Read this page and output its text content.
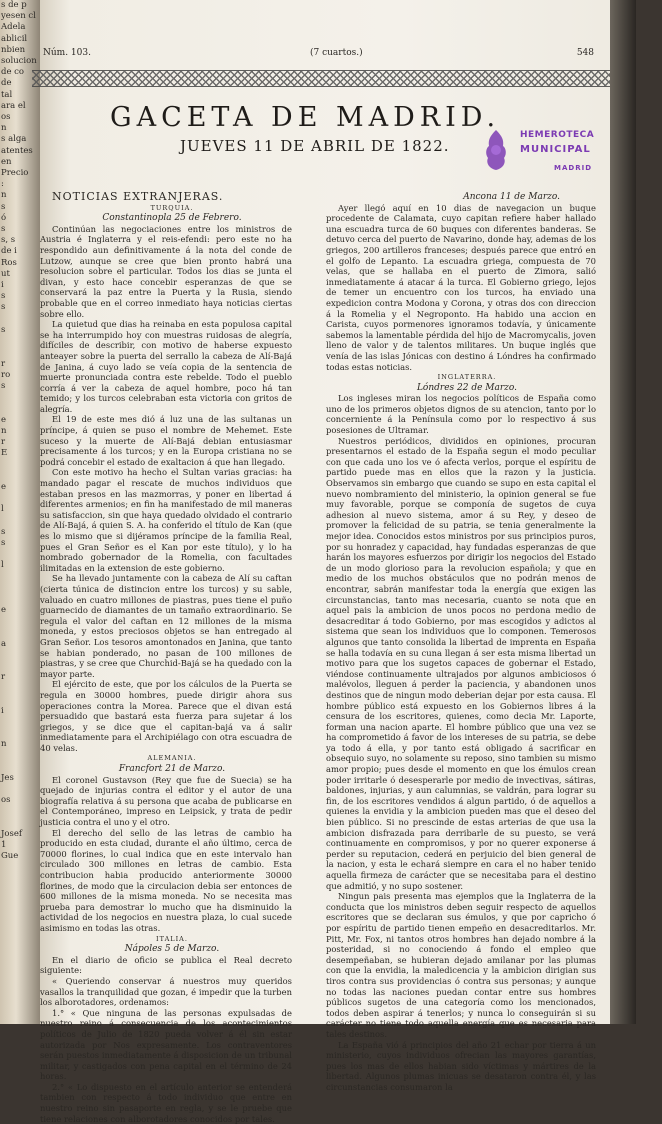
s de p
yesen cl
Adela
ablicil
nbien
solucion
de co
de
tal
ara el
os
n
s alga
atentes
en
Precio
:
n
s
ó
s
s, s
de i
Ros
ut
i
s
s

s

r
ro
s

e
n
r
E

e

l

s
s

l

e

a

r

i

n

Jes

os

Josef
1
Gue

Núm. 103.	(7 cuartos.)	548
GACETA DE MADRID.
JUEVES 11 DE ABRIL DE 1822.
HEMEROTECA
MUNICIPAL
MADRID

NOTICIAS EXTRANJERAS.

TURQUIA.

Constantinopla 25 de Febrero.

Continúan las negociaciones entre los ministros de Austria é Inglaterra y el reis-efendi: pero este no ha respondido aun definitivamente á la nota del conde de Lutzow, aunque se cree que bien pronto habrá una resolucion sobre el particular. Todos los dias se junta el divan, y esto hace concebir esperanzas de que se conservará la paz entre la Puerta y la Rusia, siendo probable que en el correo inmediato haya noticias ciertas sobre ello.

La quietud que dias ha reinaba en esta populosa capital se ha interrumpido hoy con muestras ruidosas de alegría, difíciles de describir, con motivo de haberse expuesto anteayer sobre la puerta del serrallo la cabeza de Alí-Bajá de Janina, á cuyo lado se veía copia de la sentencia de muerte pronunciada contra este rebelde. Todo el pueblo corría á ver la cabeza de aquel hombre, poco há tan temido; y los turcos celebraban esta victoria con gritos de alegría.

El 19 de este mes dió á luz una de las sultanas un príncipe, á quien se puso el nombre de Mehemet. Este suceso y la muerte de Alí-Bajá debian entusiasmar precisamente á los turcos; y en la Europa cristiana no se podrá concebir el estado de exaltacion á que han llegado.

Con este motivo ha hecho el Sultan varias gracias: ha mandado pagar el rescate de muchos individuos que estaban presos en las mazmorras, y poner en libertad á diferentes armenios; en fin ha manifestado de mil maneras su satisfaccion, sin que haya quedado olvidado el contrario de Alí-Bajá, á quien S. A. ha conferido el título de Kan (que es lo mismo que si dijéramos príncipe de la familia Real, pues el Gran Señor es el Kan por este título), y lo ha nombrado gobernador de la Romelia, con facultades ilimitadas en la extension de este gobierno.

Se ha llevado juntamente con la cabeza de Alí su caftan (cierta túnica de distincion entre los turcos) y su sable, valuado en cuatro millones de piastras, pues tiene el puño guarnecido de diamantes de un tamaño extraordinario. Se regula el valor del caftan en 12 millones de la misma moneda, y estos preciosos objetos se han entregado al Gran Señor. Los tesoros amontonados en Janina, que tanto se habian ponderado, no pasan de 100 millones de piastras, y se cree que Churchid-Bajá se ha quedado con la mayor parte.

El ejército de este, que por los cálculos de la Puerta se regula en 30000 hombres, puede dirigir ahora sus operaciones contra la Morea. Parece que el divan está persuadido que bastará esta fuerza para sujetar á los griegos, y se dice que el capitan-bajá va á salir inmediatamente para el Archipiélago con otra escuadra de 40 velas.

ALEMANIA.

Francfort 21 de Marzo.

El coronel Gustavson (Rey que fue de Suecia) se ha quejado de injurias contra el editor y el autor de una biografía relativa á su persona que acaba de publicarse en el Contemporáneo, impreso en Leipsick, y trata de pedir justicia contra el uno y el otro.

El derecho del sello de las letras de cambio ha producido en esta ciudad, durante el año último, cerca de 70000 florines, lo cual indica que en este intervalo han circulado 300 millones en letras de cambio. Esta contribucion habia producido anteriormente 30000 florines, de modo que la circulacion debia ser entonces de 600 millones de la misma moneda. No se necesita mas prueba para demostrar lo mucho que ha disminuido la actividad de los negocios en nuestra plaza, lo cual sucede asimismo en todas las otras.

ITALIA.

Nápoles 5 de Marzo.

En el diario de oficio se publica el Real decreto siguiente:

« Queriendo conservar á nuestros muy queridos vasallos la tranquilidad que gozan, é impedir que la turben los alborotadores, ordenamos:

1.° « Que ninguna de las personas expulsadas de nuestro reino á consecuencia de los acontecimientos políticos de Julio de 1820 pueda volver á él sin estar autorizada por Nos expresamente. Los contraventores serán puestos inmediatamente á disposicion de un tribunal militar, y castigados con pena capital en el término de 24 horas.

2.° « Lo dispuesto en el artículo anterior se entenderá tambien con respecto á todo individuo que entre en nuestro reino sin pasaporte en regla, y se le pruebe que tiene relaciones con alborotadores conocidos por tales.

Ancona 11 de Marzo.

Ayer llegó aquí en 10 dias de navegacion un buque procedente de Calamata, cuyo capitan refiere haber hallado una escuadra turca de 60 buques con diferentes banderas. Se detuvo cerca del puerto de Navarino, donde hay, ademas de los griegos, 200 artilleros franceses; después parece que entró en el golfo de Lepanto. La escuadra griega, compuesta de 70 velas, que se hallaba en el puerto de Zimora, salió inmediatamente á atacar á la turca. El Gobierno griego, lejos de temer un encuentro con los turcos, ha enviado una expedicion contra Modona y Corona, y otras dos con direccion á la Romelia y el Negroponto. Ha habido una accion en Carista, cuyos pormenores ignoramos todavía, y únicamente sabemos la lamentable pérdida del hijo de Macromycalis, joven lleno de valor y de talentos militares. Un buque inglés que venía de las islas Jónicas con destino á Lóndres ha confirmado todas estas noticias.

INGLATERRA.

Lóndres 22 de Marzo.

Los ingleses miran los negocios políticos de España como uno de los primeros objetos dignos de su atencion, tanto por lo concerniente á la Península como por lo respectivo á sus posesiones de Ultramar.

Nuestros periódicos, divididos en opiniones, procuran presentarnos el estado de la España segun el modo peculiar con que cada uno los ve ó afecta verlos, porque el espíritu de partido puede mas en ellos que la razon y la justicia. Observamos sin embargo que cuando se supo en esta capital el nuevo nombramiento del ministerio, la opinion general se fue muy favorable, porque se componía de sugetos de cuya adhesion al nuevo sistema, amor á su Rey, y deseo de promover la felicidad de su patria, se tenia generalmente la mejor idea. Conocidos estos ministros por sus principios puros, por su honradez y capacidad, hay fundadas esperanzas de que harán los mayores esfuerzos por dirigir los negocios del Estado de un modo glorioso para la revolucion española; y que en medio de los muchos obstáculos que no podrán menos de encontrar, sabrán manifestar toda la energía que exigen las circunstancias, tanto mas necesaria, cuanto se nota que en aquel pais la ambicion de unos pocos no perdona medio de desacreditar á todo Gobierno, por mas escogidos y adictos al sistema que sean los individuos que lo componen. Temerosos algunos que tanto consolida la libertad de imprenta en España se halla todavía en su cuna llegan á ser esta misma libertad un motivo para que los sugetos capaces de gobernar el Estado, viéndose continuamente ultrajados por algunos ambiciosos ó malévolos, lleguen á perder la paciencia, y abandonen unos destinos que de ningun modo deberian dejar por esta causa. El hombre público está expuesto en los Gobiernos libres á la censura de los escritores, quienes, como decia Mr. Laporte, forman una nacion aparte. El hombre público que una vez se ha comprometido á favor de los intereses de su patria, se debe ya todo á ella, y por tanto está obligado á sacrificar en obsequio suyo, no solamente su reposo, sino tambien su mismo amor propio; pues desde el momento en que los émulos crean poder irritarle ó desesperarle por medio de invectivas, sátiras, baldones, injurias, y aun calumnias, se valdrán, para lograr su fin, de los escritores vendidos á algun partido, ó de aquellos a quienes la envidia y la ambicion pueden mas que el deseo del bien público. Si no prescinde de estas arterias de que usa la ambicion disfrazada para derribarle de su puesto, se verá continuamente en compromisos, y por no querer exponerse á perder su reputacion, cederá en perjuicio del bien general de la nacion, y esta le echará siempre en cara el no haber tenido aquella firmeza de carácter que se necesitaba para el destino que admitió, y no supo sostener.

Ningun pais presenta mas ejemplos que la Inglaterra de la conducta que los ministros deben seguir respecto de aquellos escritores que se declaran sus émulos, y que por capricho ó por espíritu de partido tienen empeño en desacreditarlos. Mr. Pitt, Mr. Fox, ni tantos otros hombres han dejado nombre á la posteridad, si no conociendo á fondo el empleo que desempeñaban, se hubieran dejado amilanar por las plumas con que la envidia, la maledicencia y la ambicion dirigian sus tiros contra sus providencias ó contra sus personas; y aunque no todas las naciones puedan contar entre sus hombres públicos sugetos de una categoría como los mencionados, todos deben aspirar á tenerlos; y nunca lo conseguirán si su carácter no tiene todo aquella energía que es necesaria para tales destinos.

La España vió á principios del año 21 echar por tierra á un ministerio, cuyos individuos ofrecian las mayores garantías, pues los mas de ellos habian sido víctimas y mártires de la libertad. Algunos plumas inicuas se desataron contra él, y las circunstancias consumaron la
